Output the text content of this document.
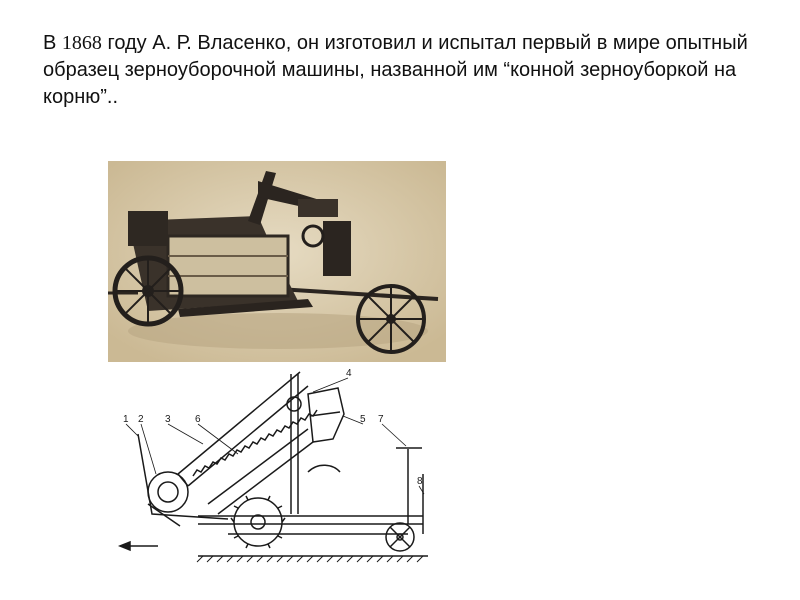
В 1868 году А. Р. Власенко, он изготовил и испытал первый в мире опытный образец зерноуборочной машины, названной им “конной зерноуборкой на корню”..

1 2 3 6
4
5 7
8
